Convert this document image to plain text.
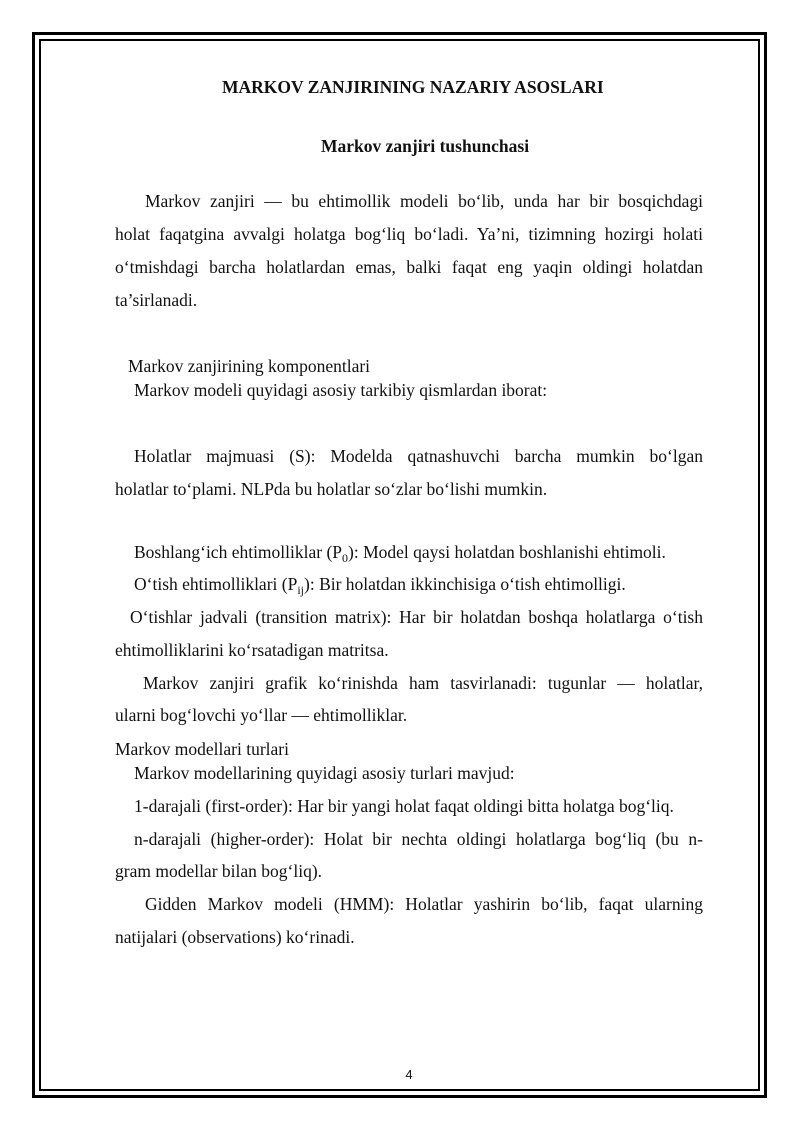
MARKOV ZANJIRINING NAZARIY ASOSLARI
Markov zanjiri tushunchasi
Markov zanjiri — bu ehtimollik modeli bo‘lib, unda har bir bosqichdagi
holat faqatgina avvalgi holatga bog‘liq bo‘ladi. Ya’ni, tizimning hozirgi holati
o‘tmishdagi barcha holatlardan emas, balki faqat eng yaqin oldingi holatdan
ta’sirlanadi.
Markov zanjirining komponentlari
Markov modeli quyidagi asosiy tarkibiy qismlardan iborat:
Holatlar majmuasi (S): Modelda qatnashuvchi barcha mumkin bo‘lgan
holatlar to‘plami. NLPda bu holatlar so‘zlar bo‘lishi mumkin.
Boshlang‘ich ehtimolliklar $(P_0)$: Model qaysi holatdan boshlanishi ehtimoli.
O‘tish ehtimolliklari $(P_{ij})$: Bir holatdan ikkinchisiga o‘tish ehtimolligi.
O‘tishlar jadvali (transition matrix): Har bir holatdan boshqa holatlarga o‘tish
ehtimolliklarini ko‘rsatadigan matritsa.
Markov zanjiri grafik ko‘rinishda ham tasvirlanadi: tugunlar — holatlar,
ularni bog‘lovchi yo‘llar — ehtimolliklar.
Markov modellari turlari
Markov modellarining quyidagi asosiy turlari mavjud:
1-darajali (first-order): Har bir yangi holat faqat oldingi bitta holatga bog‘liq.
n-darajali (higher-order): Holat bir nechta oldingi holatlarga bog‘liq (bu n-
gram modellar bilan bog‘liq).
Gidden Markov modeli (HMM): Holatlar yashirin bo‘lib, faqat ularning
natijalari (observations) ko‘rinadi.
4
